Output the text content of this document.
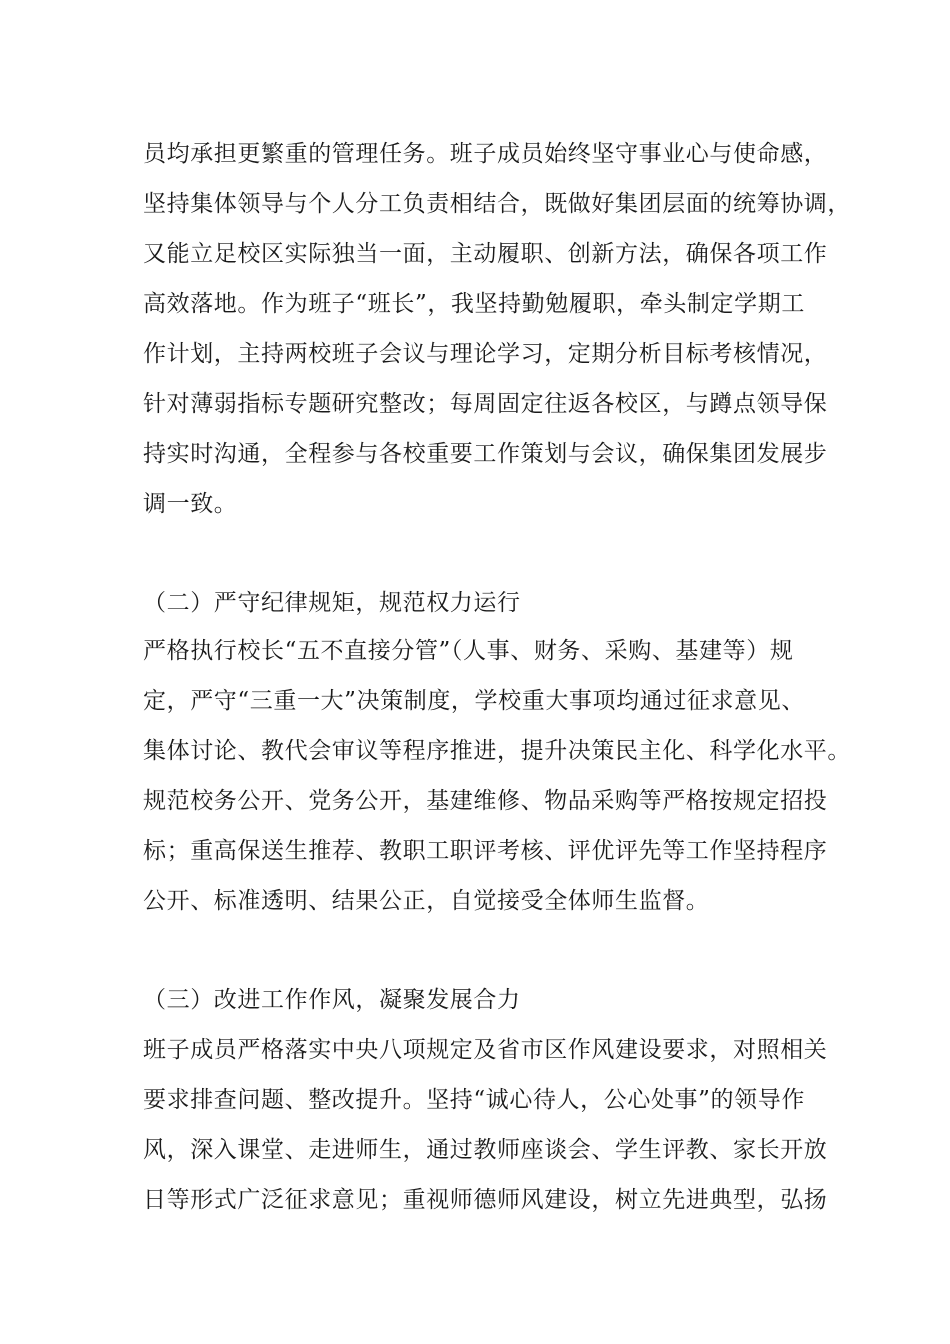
员均承担更繁重的管理任务。班子成员始终坚守事业心与使命感，
坚持集体领导与个人分工负责相结合，既做好集团层面的统筹协调，
又能立足校区实际独当一面，主动履职、创新方法，确保各项工作
高效落地。作为班子“班长”，我坚持勤勉履职，牵头制定学期工
作计划，主持两校班子会议与理论学习，定期分析目标考核情况，
针对薄弱指标专题研究整改；每周固定往返各校区，与蹲点领导保
持实时沟通，全程参与各校重要工作策划与会议，确保集团发展步
调一致。
（二）严守纪律规矩，规范权力运行
严格执行校长“五不直接分管”（人事、财务、采购、基建等）规
定，严守“三重一大”决策制度，学校重大事项均通过征求意见、
集体讨论、教代会审议等程序推进，提升决策民主化、科学化水平。
规范校务公开、党务公开，基建维修、物品采购等严格按规定招投
标；重高保送生推荐、教职工职评考核、评优评先等工作坚持程序
公开、标准透明、结果公正，自觉接受全体师生监督。
（三）改进工作作风，凝聚发展合力
班子成员严格落实中央八项规定及省市区作风建设要求，对照相关
要求排查问题、整改提升。坚持“诚心待人，公心处事”的领导作
风，深入课堂、走进师生，通过教师座谈会、学生评教、家长开放
日等形式广泛征求意见；重视师德师风建设，树立先进典型，弘扬
